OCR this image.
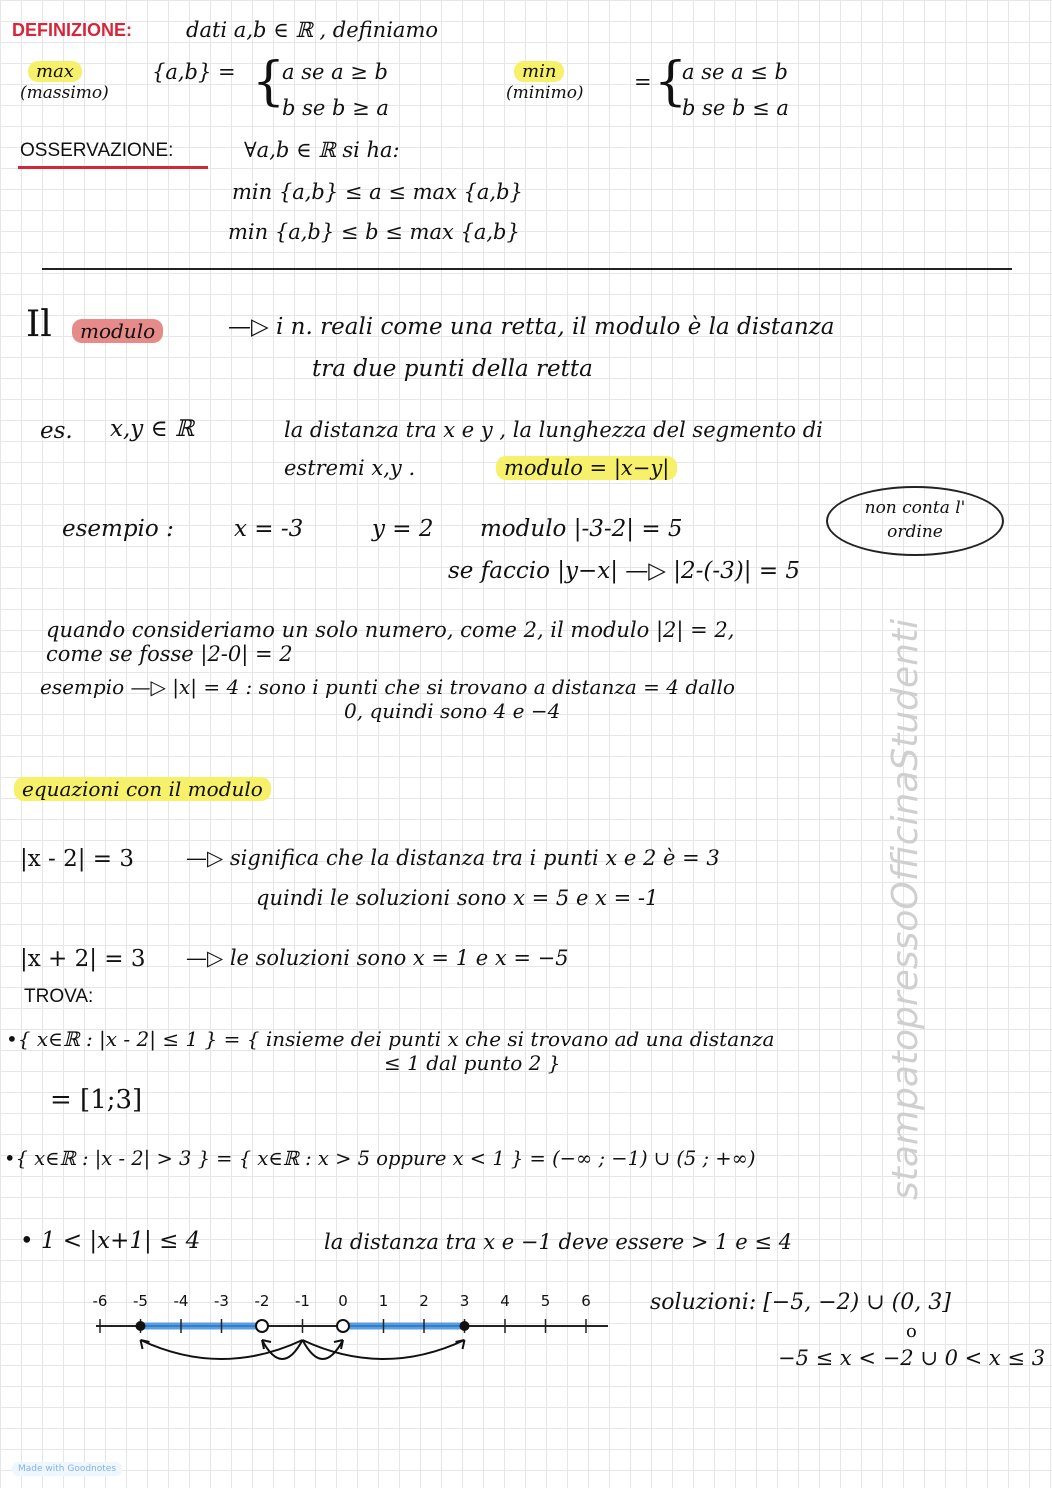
DEFINIZIONE:	dati a,b ∈ ℝ , definiamo
max
(massimo)
{a,b} = {
a se a ≥ b
b se b ≥ a
min
(minimo) = {
a se a ≤ b
b se b ≤ a
OSSERVAZIONE:	∀a,b ∈ ℝ si ha:
min {a,b} ≤ a ≤ max {a,b}
min {a,b} ≤ b ≤ max {a,b}
Il	modulo	—▷ i n. reali come una retta, il modulo è la distanza
tra due punti della retta
es. x,y ∈ ℝ	la distanza tra x e y , la lunghezza del segmento di
estremi x,y .	modulo = |x−y|
esempio :	x = -3	y = 2 modulo |-3-2| = 5
non conta l'
ordine
se faccio |y−x| —▷ |2-(-3)| = 5
quando consideriamo un solo numero, come 2, il modulo |2| = 2,
come se fosse |2-0| = 2
esempio —▷ |x| = 4 : sono i punti che si trovano a distanza = 4 dallo
0, quindi sono 4 e −4
equazioni con il modulo
|x - 2| = 3 —▷ significa che la distanza tra i punti x e 2 è = 3
quindi le soluzioni sono x = 5 e x = -1
|x + 2| = 3 —▷ le soluzioni sono x = 1 e x = −5
TROVA:
•{ x∈ℝ : |x - 2| ≤ 1 } = { insieme dei punti x che si trovano ad una distanza
≤ 1 dal punto 2 }
= [1;3]
•{ x∈ℝ : |x - 2| > 3 } = { x∈ℝ : x > 5 oppure x < 1 } = (−∞ ; −1) ∪ (5 ; +∞)
• 1 < |x+1| ≤ 4	la distanza tra x e −1 deve essere > 1 e ≤ 4
-6 -5 -4 -3 -2 -1 0 1 2 3 4 5 6	soluzioni: [−5, −2) ∪ (0, 3]
o
−5 ≤ x < −2 ∪ 0 < x ≤ 3
stampatopressoOfficinaStudenti
Made with Goodnotes
